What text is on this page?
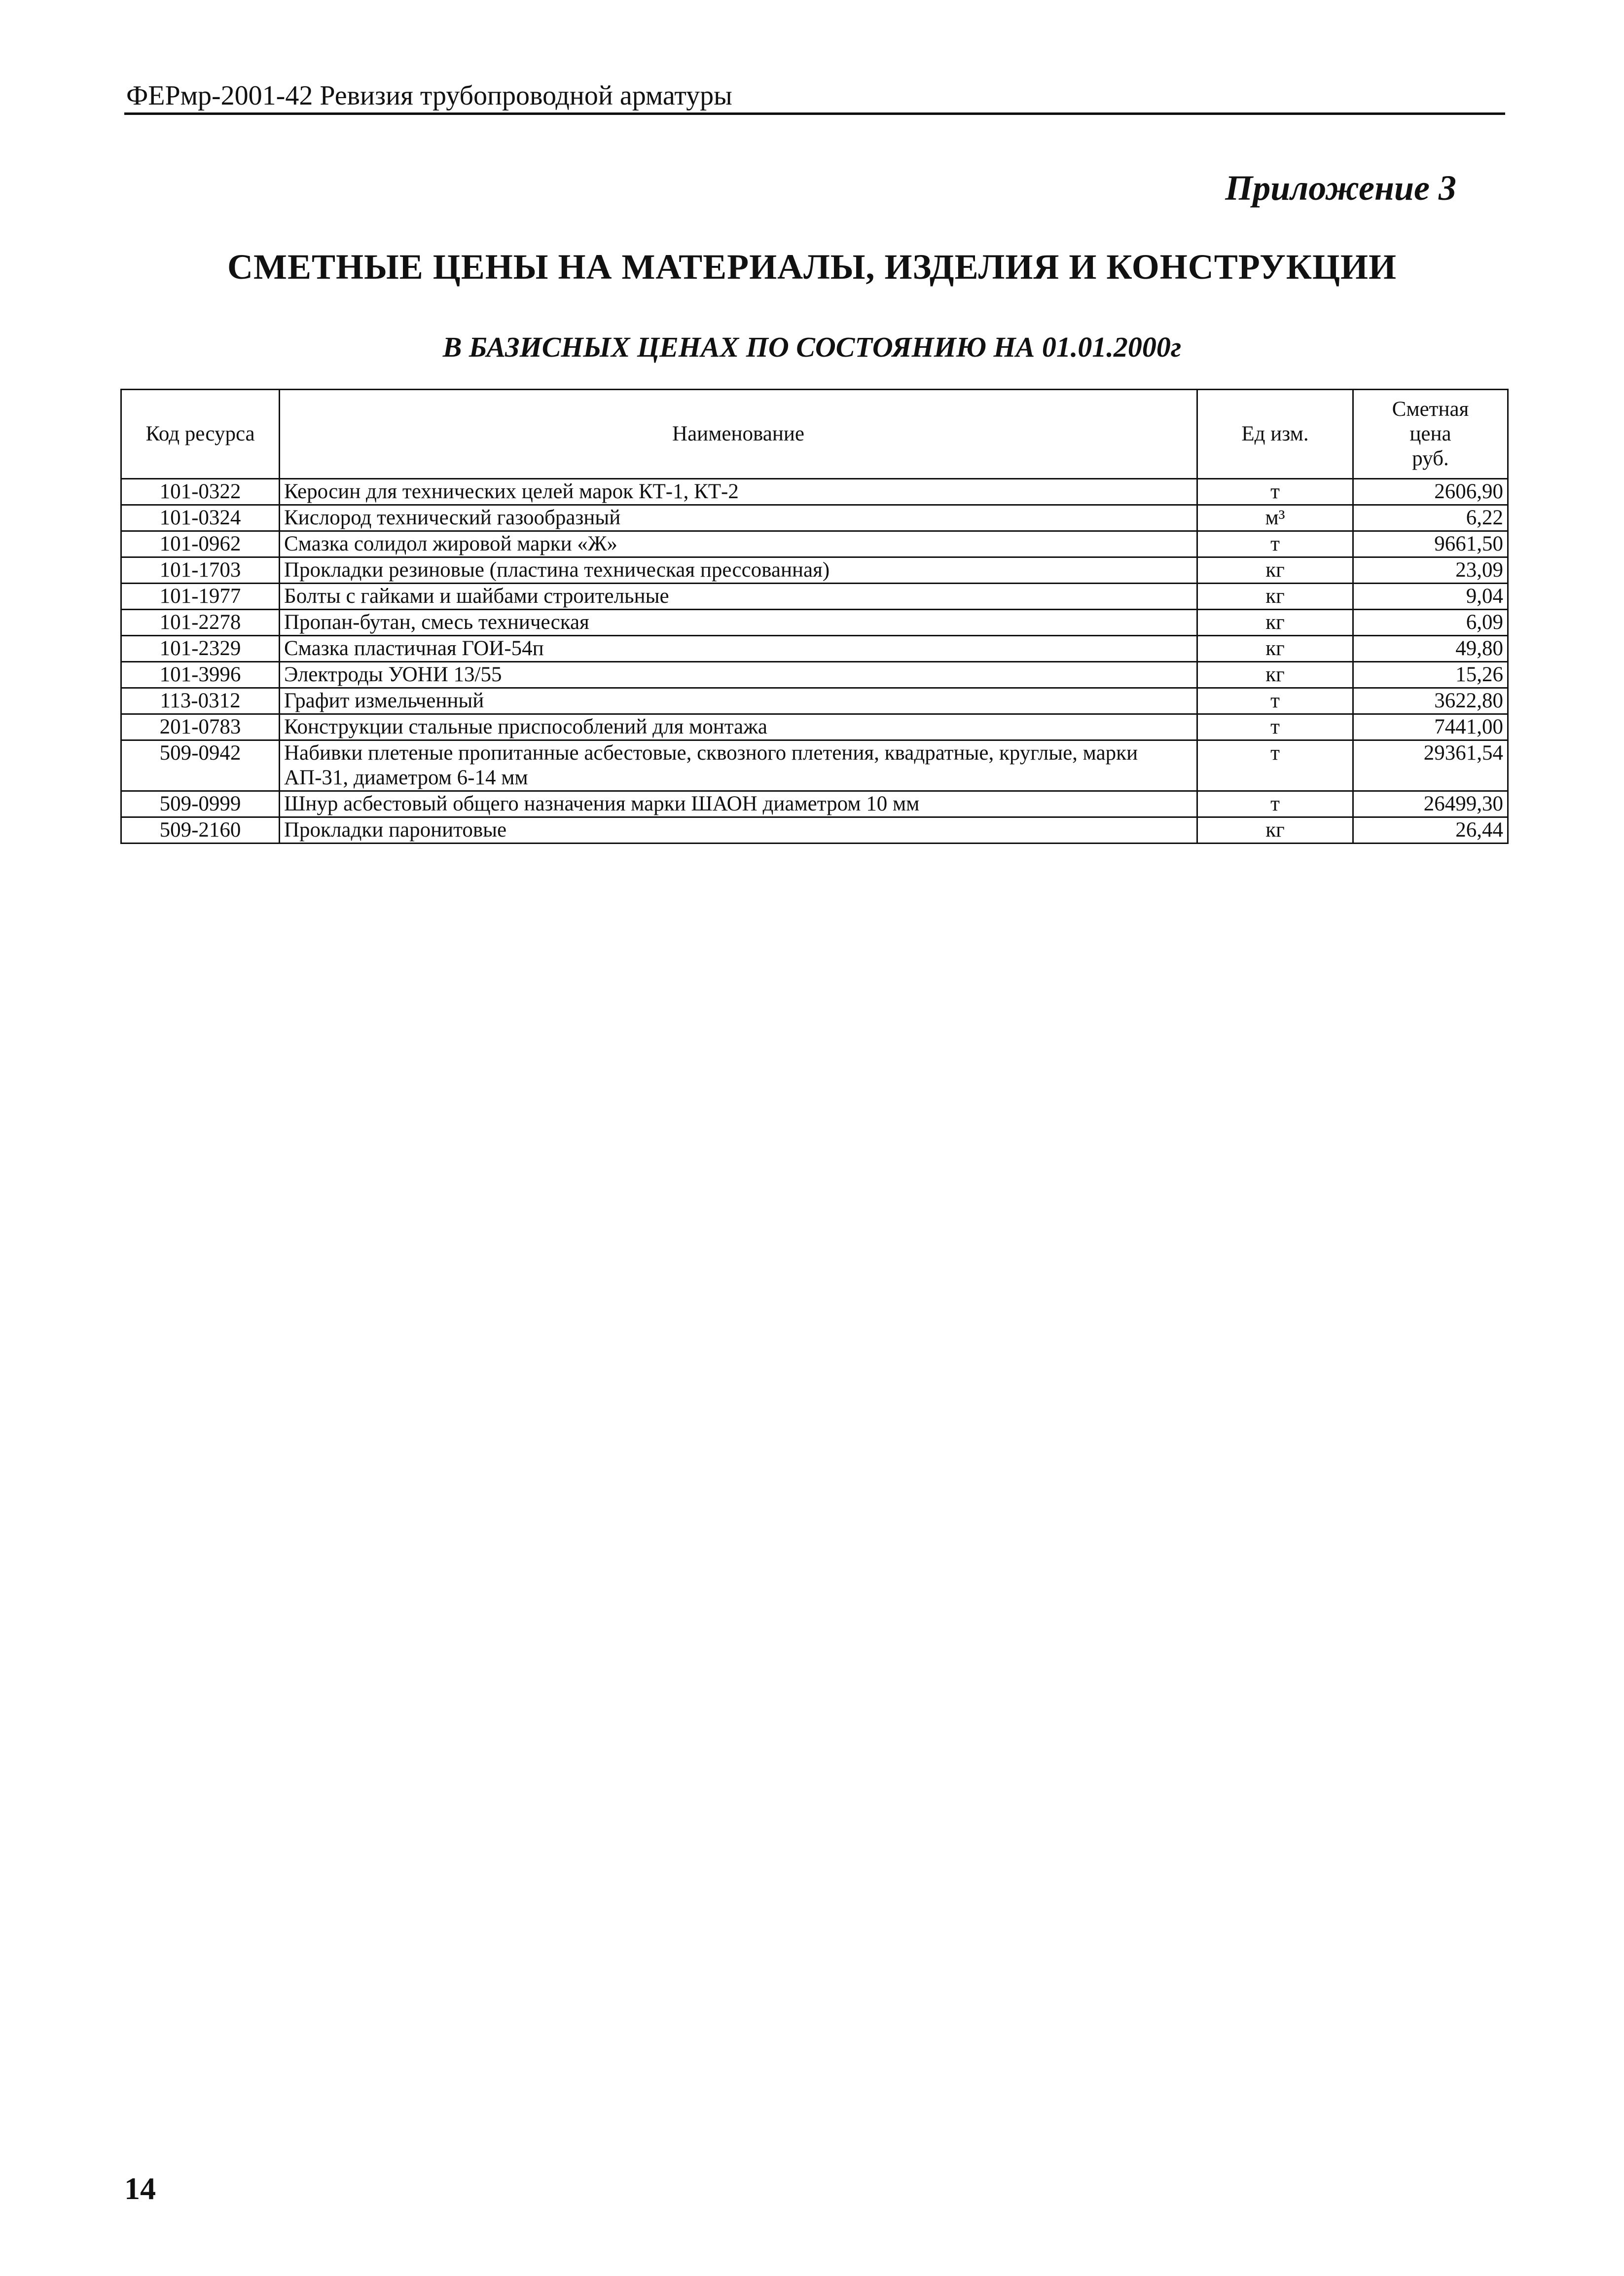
ФЕРмр-2001-42 Ревизия трубопроводной арматуры
Приложение 3
СМЕТНЫЕ ЦЕНЫ НА МАТЕРИАЛЫ, ИЗДЕЛИЯ И КОНСТРУКЦИИ
В БАЗИСНЫХ ЦЕНАХ ПО СОСТОЯНИЮ НА 01.01.2000г
Код ресурса	Наименование	Ед изм.	Сметная
цена
руб.

101-0322	Керосин для технических целей марок КТ-1, КТ-2	т	2606,90
101-0324	Кислород технический газообразный	м³	6,22
101-0962	Смазка солидол жировой марки «Ж»	т	9661,50
101-1703	Прокладки резиновые (пластина техническая прессованная)	кг	23,09
101-1977	Болты с гайками и шайбами строительные	кг	9,04
101-2278	Пропан-бутан, смесь техническая	кг	6,09
101-2329	Смазка пластичная ГОИ-54п	кг	49,80
101-3996	Электроды УОНИ 13/55	кг	15,26
113-0312	Графит измельченный	т	3622,80
201-0783	Конструкции стальные приспособлений для монтажа	т	7441,00
509-0942	Набивки плетеные пропитанные асбестовые, сквозного плетения, квадратные, круглые, марки АП-31, диаметром 6-14 мм	т	29361,54
509-0999	Шнур асбестовый общего назначения марки ШАОН диаметром 10 мм	т	26499,30
509-2160	Прокладки паронитовые	кг	26,44
14
